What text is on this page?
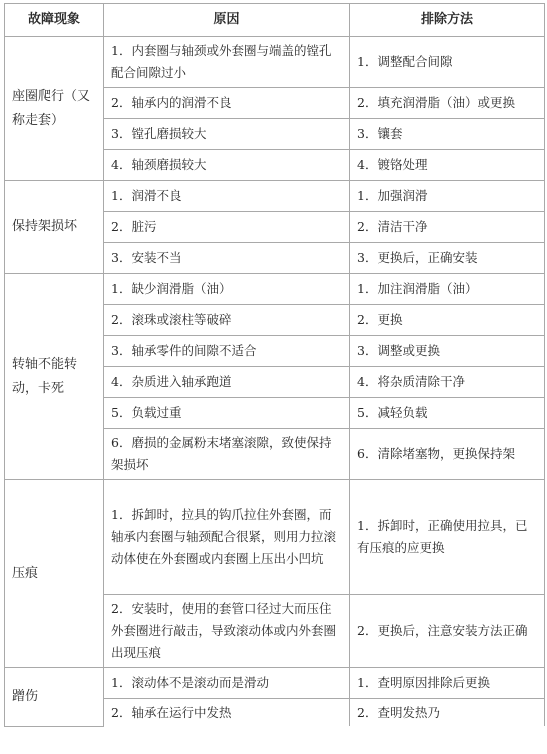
故障现象	原因	排除方法
座圈爬行（又称走套）	1．内套圈与轴颈或外套圈与端盖的镗孔配合间隙过小	1．调整配合间隙
	2．轴承内的润滑不良	2．填充润滑脂（油）或更换
	3．镗孔磨损较大	3．镶套
	4．轴颈磨损较大	4．镀铬处理
保持架损坏	1．润滑不良	1．加强润滑
	2．脏污	2．清洁干净
	3．安装不当	3．更换后，正确安装
转轴不能转动，卡死	1．缺少润滑脂（油）	1．加注润滑脂（油）
	2．滚珠或滚柱等破碎	2．更换
	3．轴承零件的间隙不适合	3．调整或更换
	4．杂质进入轴承跑道	4．将杂质清除干净
	5．负载过重	5．减轻负载
	6．磨损的金属粉末堵塞滚隙，致使保持架损坏	6．清除堵塞物，更换保持架
压痕	1．拆卸时，拉具的钩爪拉住外套圈，而轴承内套圈与轴颈配合很紧，则用力拉滚动体使在外套圈或内套圈上压出小凹坑	1．拆卸时，正确使用拉具，已有压痕的应更换
	2．安装时，使用的套管口径过大而压住外套圈进行敲击，导致滚动体或内外套圈出现压痕	2．更换后，注意安装方法正确
蹭伤	1．滚动体不是滚动而是滑动	1．查明原因排除后更换
	2．轴承在运行中发热	2．查明发热乃
